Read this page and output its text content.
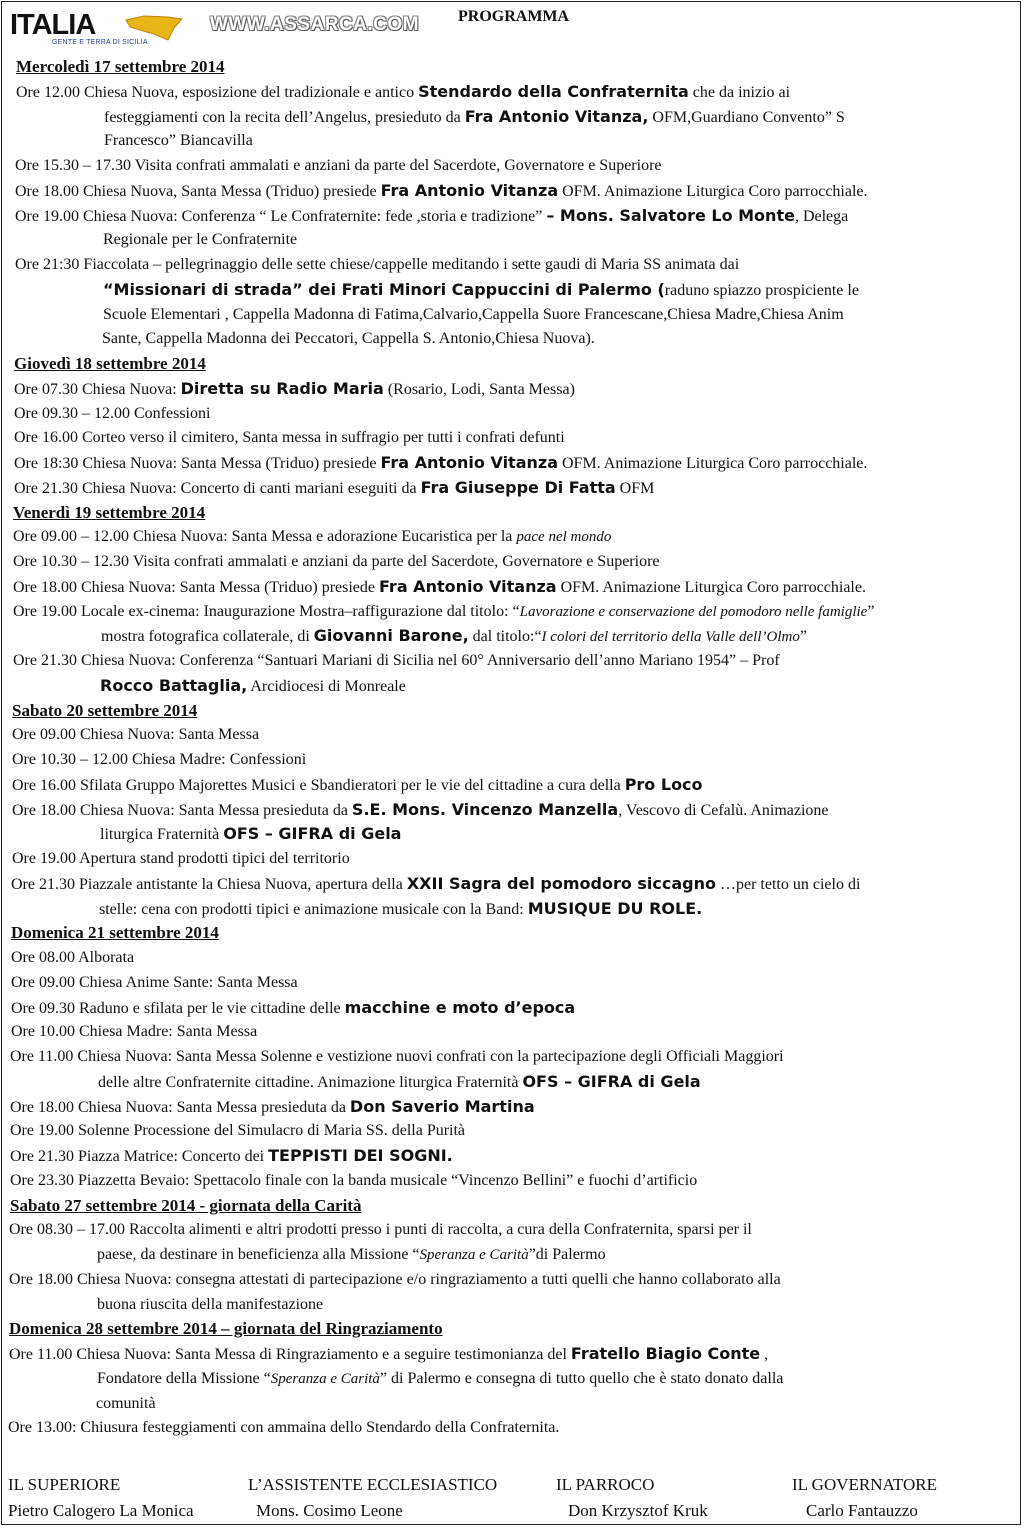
ITALIA
GENTE E TERRA DI SICILIA
WWW.ASSARCA.COM PROGRAMMA
Mercoledì 17 settembre 2014
Ore 12.00 Chiesa Nuova, esposizione del tradizionale e antico Stendardo della Confraternita che da inizio ai
festeggiamenti con la recita dell’Angelus, presieduto da Fra Antonio Vitanza, OFM,Guardiano Convento” S
Francesco” Biancavilla
Ore 15.30 – 17.30 Visita confrati ammalati e anziani da parte del Sacerdote, Governatore e Superiore
Ore 18.00 Chiesa Nuova, Santa Messa (Triduo) presiede Fra Antonio Vitanza OFM. Animazione Liturgica Coro parrocchiale.
Ore 19.00 Chiesa Nuova: Conferenza “ Le Confraternite: fede ,storia e tradizione” – Mons. Salvatore Lo Monte, Delega
Regionale per le Confraternite
Ore 21:30 Fiaccolata – pellegrinaggio delle sette chiese/cappelle meditando i sette gaudi di Maria SS animata dai
“Missionari di strada” dei Frati Minori Cappuccini di Palermo (raduno spiazzo prospiciente le
Scuole Elementari , Cappella Madonna di Fatima,Calvario,Cappella Suore Francescane,Chiesa Madre,Chiesa Anim
Sante, Cappella Madonna dei Peccatori, Cappella S. Antonio,Chiesa Nuova).
Giovedì 18 settembre 2014
Ore 07.30 Chiesa Nuova: Diretta su Radio Maria (Rosario, Lodi, Santa Messa)
Ore 09.30 – 12.00 Confessioni
Ore 16.00 Corteo verso il cimitero, Santa messa in suffragio per tutti i confrati defunti
Ore 18:30 Chiesa Nuova: Santa Messa (Triduo) presiede Fra Antonio Vitanza OFM. Animazione Liturgica Coro parrocchiale.
Ore 21.30 Chiesa Nuova: Concerto di canti mariani eseguiti da Fra Giuseppe Di Fatta OFM
Venerdì 19 settembre 2014
Ore 09.00 – 12.00 Chiesa Nuova: Santa Messa e adorazione Eucaristica per la pace nel mondo
Ore 10.30 – 12.30 Visita confrati ammalati e anziani da parte del Sacerdote, Governatore e Superiore
Ore 18.00 Chiesa Nuova: Santa Messa (Triduo) presiede Fra Antonio Vitanza OFM. Animazione Liturgica Coro parrocchiale.
Ore 19.00 Locale ex-cinema: Inaugurazione Mostra–raffigurazione dal titolo: “Lavorazione e conservazione del pomodoro nelle famiglie”
mostra fotografica collaterale, di Giovanni Barone, dal titolo:“I colori del territorio della Valle dell’Olmo”
Ore 21.30 Chiesa Nuova: Conferenza “Santuari Mariani di Sicilia nel 60° Anniversario dell’anno Mariano 1954” – Prof
Rocco Battaglia, Arcidiocesi di Monreale
Sabato 20 settembre 2014
Ore 09.00 Chiesa Nuova: Santa Messa
Ore 10.30 – 12.00 Chiesa Madre: Confessioni
Ore 16.00 Sfilata Gruppo Majorettes Musici e Sbandieratori per le vie del cittadine a cura della Pro Loco
Ore 18.00 Chiesa Nuova: Santa Messa presieduta da S.E. Mons. Vincenzo Manzella, Vescovo di Cefalù. Animazione
liturgica Fraternità OFS – GIFRA di Gela
Ore 19.00 Apertura stand prodotti tipici del territorio
Ore 21.30 Piazzale antistante la Chiesa Nuova, apertura della XXII Sagra del pomodoro siccagno …per tetto un cielo di
stelle: cena con prodotti tipici e animazione musicale con la Band: MUSIQUE DU ROLE.
Domenica 21 settembre 2014
Ore 08.00 Alborata
Ore 09.00 Chiesa Anime Sante: Santa Messa
Ore 09.30 Raduno e sfilata per le vie cittadine delle macchine e moto d’epoca
Ore 10.00 Chiesa Madre: Santa Messa
Ore 11.00 Chiesa Nuova: Santa Messa Solenne e vestizione nuovi confrati con la partecipazione degli Officiali Maggiori
delle altre Confraternite cittadine. Animazione liturgica Fraternità OFS – GIFRA di Gela
Ore 18.00 Chiesa Nuova: Santa Messa presieduta da Don Saverio Martina
Ore 19.00 Solenne Processione del Simulacro di Maria SS. della Purità
Ore 21.30 Piazza Matrice: Concerto dei TEPPISTI DEI SOGNI.
Ore 23.30 Piazzetta Bevaio: Spettacolo finale con la banda musicale “Vincenzo Bellini” e fuochi d’artificio
Sabato 27 settembre 2014 - giornata della Carità
Ore 08.30 – 17.00 Raccolta alimenti e altri prodotti presso i punti di raccolta, a cura della Confraternita, sparsi per il
paese, da destinare in beneficienza alla Missione “Speranza e Carità”di Palermo
Ore 18.00 Chiesa Nuova: consegna attestati di partecipazione e/o ringraziamento a tutti quelli che hanno collaborato alla
buona riuscita della manifestazione
Domenica 28 settembre 2014 – giornata del Ringraziamento
Ore 11.00 Chiesa Nuova: Santa Messa di Ringraziamento e a seguire testimonianza del Fratello Biagio Conte ,
Fondatore della Missione “Speranza e Carità” di Palermo e consegna di tutto quello che è stato donato dalla
comunità
Ore 13.00: Chiusura festeggiamenti con ammaina dello Stendardo della Confraternita.
IL SUPERIORE
Pietro Calogero La Monica
L’ASSISTENTE ECCLESIASTICO
Mons. Cosimo Leone
IL PARROCO
Don Krzysztof Kruk
IL GOVERNATORE
Carlo Fantauzzo
